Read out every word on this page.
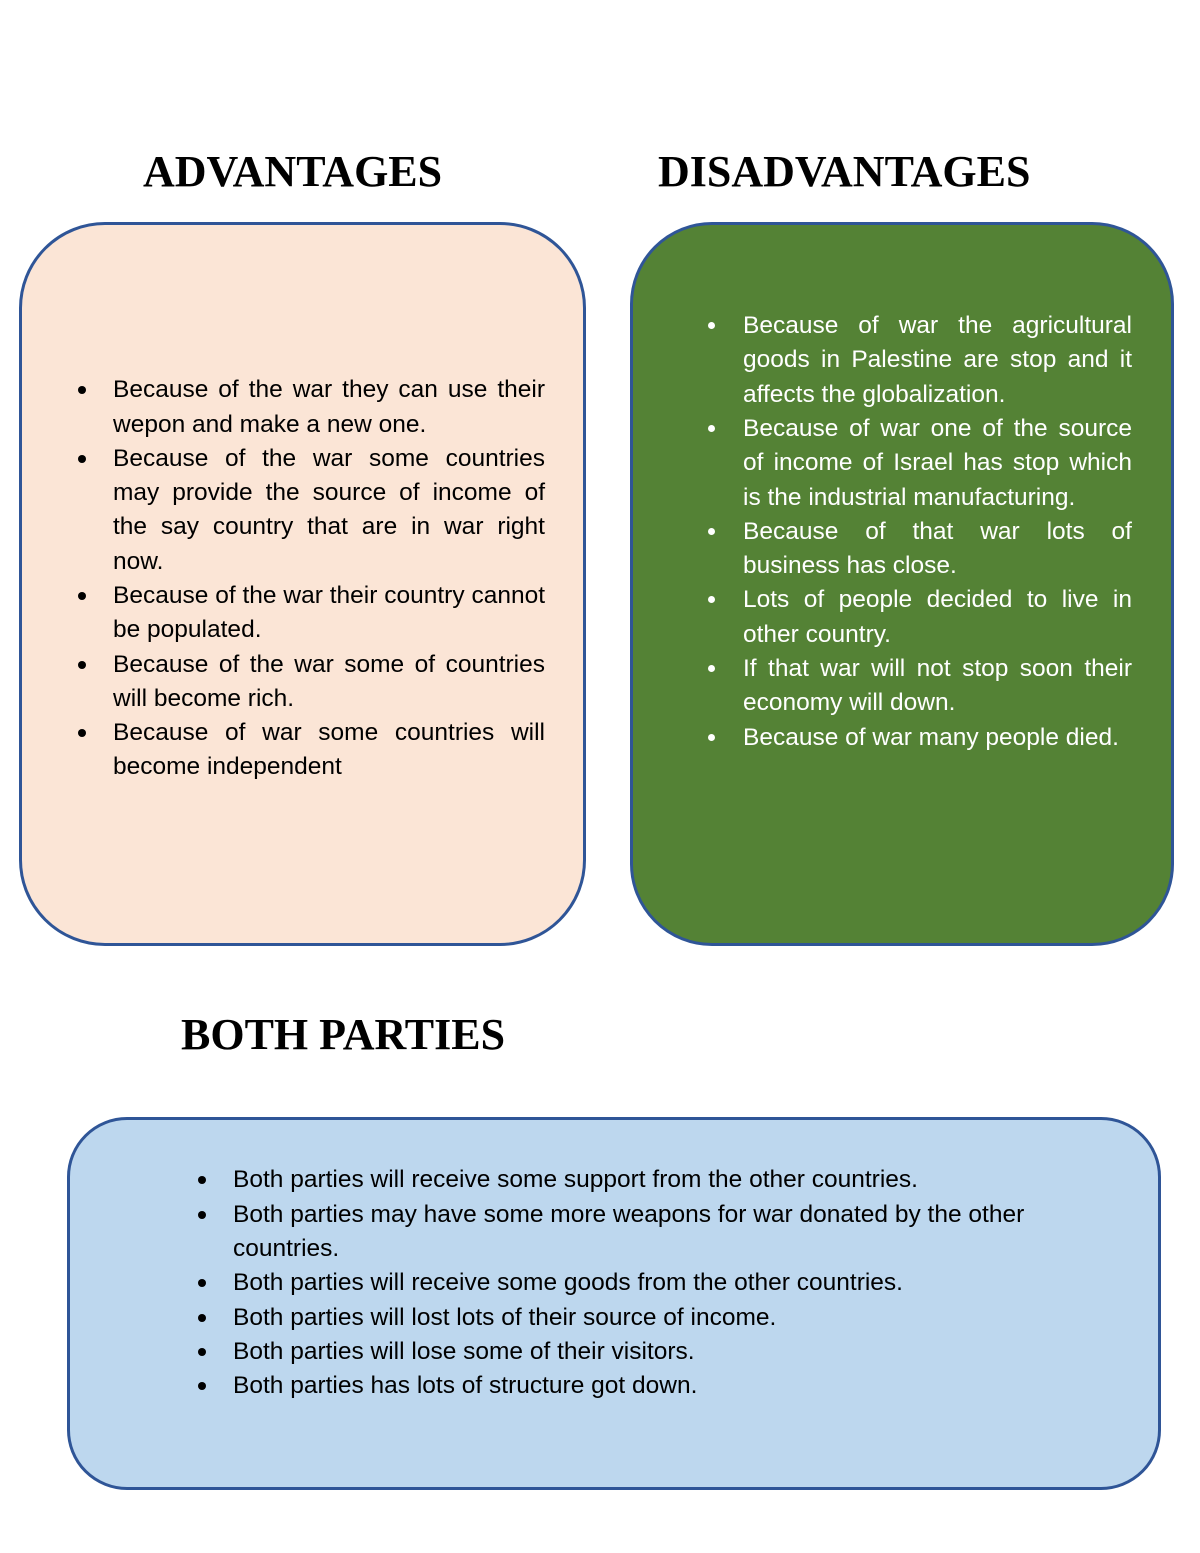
ADVANTAGES	DISADVANTAGES
Because of the war they can use their wepon and make a new one.
Because of the war some countries may provide the source of income of the say country that are in war right now.
Because of the war their country cannot be populated.
Because of the war some of countries will become rich.
Because of war some countries will become independent
Because of war the agricultural goods in Palestine are stop and it affects the globalization.
Because of war one of the source of income of Israel has stop which is the industrial manufacturing.
Because of that war lots of business has close.
Lots of people decided to live in other country.
If that war will not stop soon their economy will down.
Because of war many people died.
BOTH PARTIES
Both parties will receive some support from the other countries.
Both parties may have some more weapons for war donated by the other countries.
Both parties will receive some goods from the other countries.
Both parties will lost lots of their source of income.
Both parties will lose some of their visitors.
Both parties has lots of structure got down.
